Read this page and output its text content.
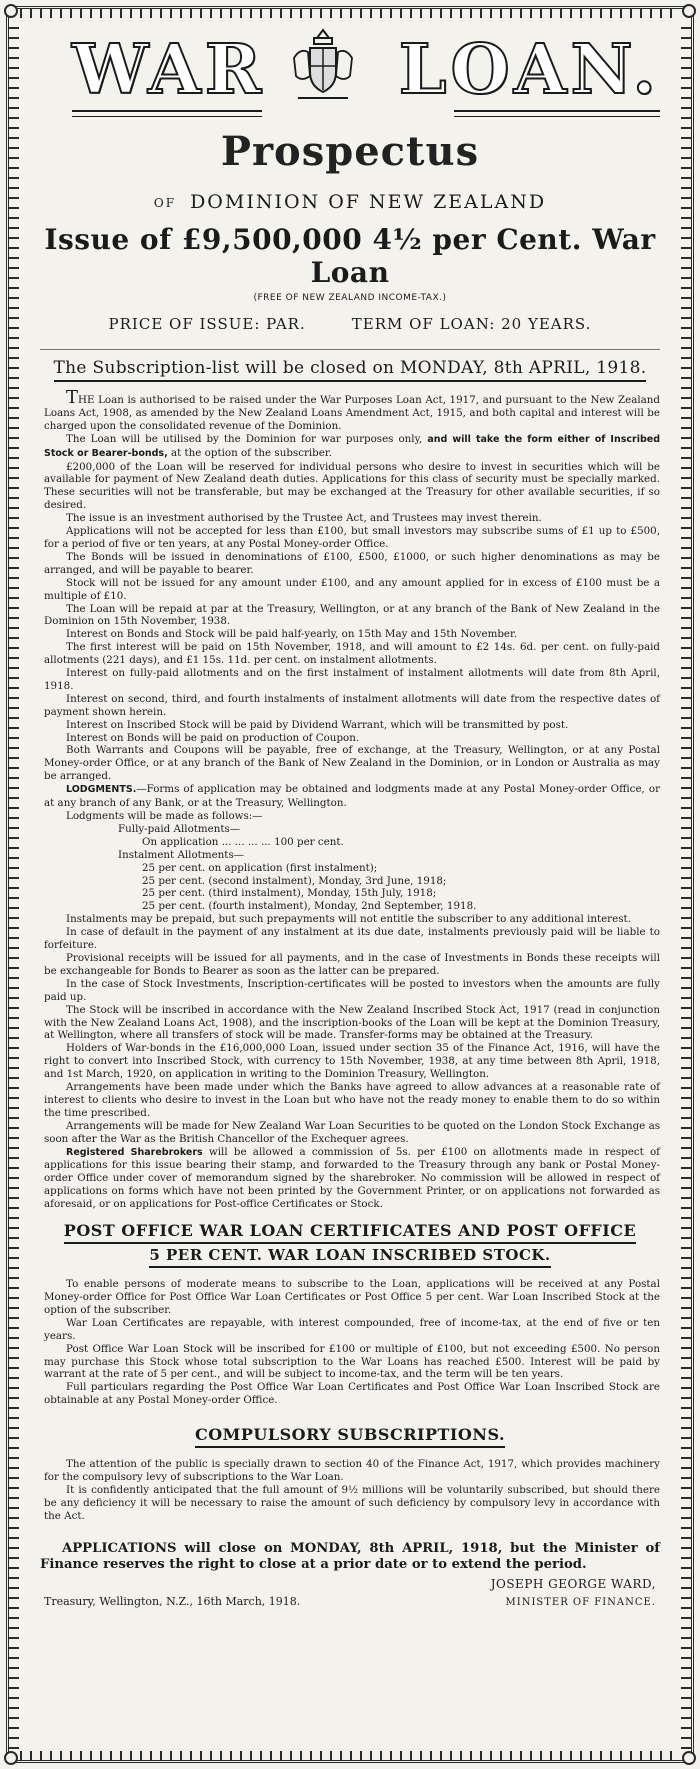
WAR LOAN.
Prospectus
OF DOMINION OF NEW ZEALAND
Issue of £9,500,000 4½ per Cent. War Loan
(FREE OF NEW ZEALAND INCOME-TAX.)
PRICE OF ISSUE: PAR.	TERM OF LOAN: 20 YEARS.
The Subscription-list will be closed on MONDAY, 8th APRIL, 1918.

THE Loan is authorised to be raised under the War Purposes Loan Act, 1917, and pursuant to the New Zealand Loans Act, 1908, as amended by the New Zealand Loans Amendment Act, 1915, and both capital and interest will be charged upon the consolidated revenue of the Dominion.

The Loan will be utilised by the Dominion for war purposes only, and will take the form either of Inscribed Stock or Bearer-bonds, at the option of the subscriber.

£200,000 of the Loan will be reserved for individual persons who desire to invest in securities which will be available for payment of New Zealand death duties. Applications for this class of security must be specially marked. These securities will not be transferable, but may be exchanged at the Treasury for other available securities, if so desired.

The issue is an investment authorised by the Trustee Act, and Trustees may invest therein.

Applications will not be accepted for less than £100, but small investors may subscribe sums of £1 up to £500, for a period of five or ten years, at any Postal Money-order Office.

The Bonds will be issued in denominations of £100, £500, £1000, or such higher denominations as may be arranged, and will be payable to bearer.

Stock will not be issued for any amount under £100, and any amount applied for in excess of £100 must be a multiple of £10.

The Loan will be repaid at par at the Treasury, Wellington, or at any branch of the Bank of New Zealand in the Dominion on 15th November, 1938.

Interest on Bonds and Stock will be paid half-yearly, on 15th May and 15th November.

The first interest will be paid on 15th November, 1918, and will amount to £2 14s. 6d. per cent. on fully-paid allotments (221 days), and £1 15s. 11d. per cent. on instalment allotments.

Interest on fully-paid allotments and on the first instalment of instalment allotments will date from 8th April, 1918.

Interest on second, third, and fourth instalments of instalment allotments will date from the respective dates of payment shown herein.

Interest on Inscribed Stock will be paid by Dividend Warrant, which will be transmitted by post.

Interest on Bonds will be paid on production of Coupon.

Both Warrants and Coupons will be payable, free of exchange, at the Treasury, Wellington, or at any Postal Money-order Office, or at any branch of the Bank of New Zealand in the Dominion, or in London or Australia as may be arranged.

LODGMENTS.—Forms of application may be obtained and lodgments made at any Postal Money-order Office, or at any branch of any Bank, or at the Treasury, Wellington.

Lodgments will be made as follows:—

Fully-paid Allotments—

On application ... ... ... ... 100 per cent.

Instalment Allotments—

25 per cent. on application (first instalment);

25 per cent. (second instalment), Monday, 3rd June, 1918;

25 per cent. (third instalment), Monday, 15th July, 1918;

25 per cent. (fourth instalment), Monday, 2nd September, 1918.

Instalments may be prepaid, but such prepayments will not entitle the subscriber to any additional interest.

In case of default in the payment of any instalment at its due date, instalments previously paid will be liable to forfeiture.

Provisional receipts will be issued for all payments, and in the case of Investments in Bonds these receipts will be exchangeable for Bonds to Bearer as soon as the latter can be prepared.

In the case of Stock Investments, Inscription-certificates will be posted to investors when the amounts are fully paid up.

The Stock will be inscribed in accordance with the New Zealand Inscribed Stock Act, 1917 (read in conjunction with the New Zealand Loans Act, 1908), and the inscription-books of the Loan will be kept at the Dominion Treasury, at Wellington, where all transfers of stock will be made. Transfer-forms may be obtained at the Treasury.

Holders of War-bonds in the £16,000,000 Loan, issued under section 35 of the Finance Act, 1916, will have the right to convert into Inscribed Stock, with currency to 15th November, 1938, at any time between 8th April, 1918, and 1st March, 1920, on application in writing to the Dominion Treasury, Wellington.

Arrangements have been made under which the Banks have agreed to allow advances at a reasonable rate of interest to clients who desire to invest in the Loan but who have not the ready money to enable them to do so within the time prescribed.

Arrangements will be made for New Zealand War Loan Securities to be quoted on the London Stock Exchange as soon after the War as the British Chancellor of the Exchequer agrees.

Registered Sharebrokers will be allowed a commission of 5s. per £100 on allotments made in respect of applications for this issue bearing their stamp, and forwarded to the Treasury through any bank or Postal Money-order Office under cover of memorandum signed by the sharebroker. No commission will be allowed in respect of applications on forms which have not been printed by the Government Printer, or on applications not forwarded as aforesaid, or on applications for Post-office Certificates or Stock.

POST OFFICE WAR LOAN CERTIFICATES AND POST OFFICE
5 PER CENT. WAR LOAN INSCRIBED STOCK.

To enable persons of moderate means to subscribe to the Loan, applications will be received at any Postal Money-order Office for Post Office War Loan Certificates or Post Office 5 per cent. War Loan Inscribed Stock at the option of the subscriber.

War Loan Certificates are repayable, with interest compounded, free of income-tax, at the end of five or ten years.

Post Office War Loan Stock will be inscribed for £100 or multiple of £100, but not exceeding £500. No person may purchase this Stock whose total subscription to the War Loans has reached £500. Interest will be paid by warrant at the rate of 5 per cent., and will be subject to income-tax, and the term will be ten years.

Full particulars regarding the Post Office War Loan Certificates and Post Office War Loan Inscribed Stock are obtainable at any Postal Money-order Office.

COMPULSORY SUBSCRIPTIONS.

The attention of the public is specially drawn to section 40 of the Finance Act, 1917, which provides machinery for the compulsory levy of subscriptions to the War Loan.

It is confidently anticipated that the full amount of 9½ millions will be voluntarily subscribed, but should there be any deficiency it will be necessary to raise the amount of such deficiency by compulsory levy in accordance with the Act.

APPLICATIONS will close on MONDAY, 8th APRIL, 1918, but the Minister of Finance reserves the right to close at a prior date or to extend the period.

Treasury, Wellington, N.Z., 16th March, 1918.
JOSEPH GEORGE WARD,
MINISTER OF FINANCE.
